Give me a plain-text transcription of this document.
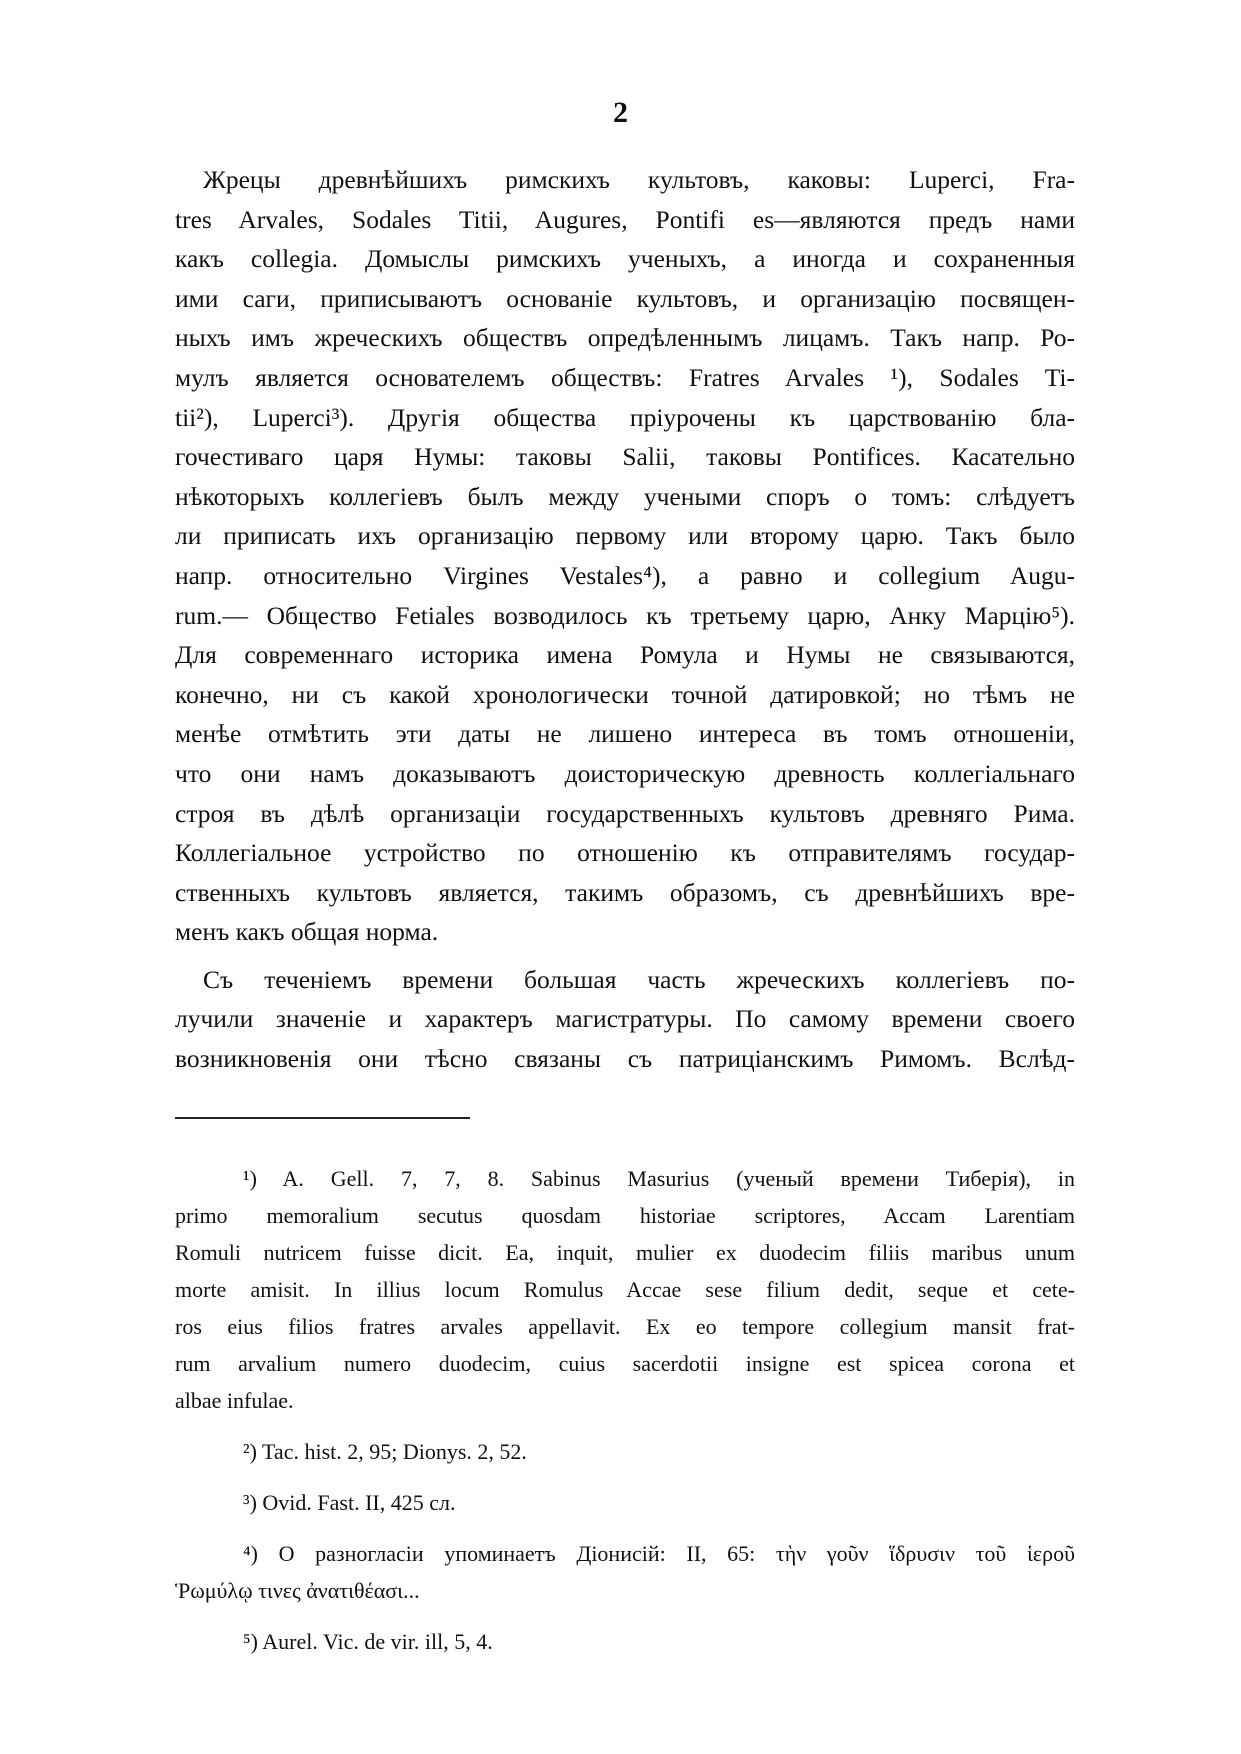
2

Жрецы древнѣйшихъ римскихъ культовъ, каковы: Luperci, Fra-
tres Arvales, Sodales Titii, Augures, Pontifi es—являются предъ нами
какъ collegia. Домыслы римскихъ ученыхъ, а иногда и сохраненныя
ими саги, приписываютъ основаніе культовъ, и организацію посвящен-
ныхъ имъ жреческихъ обществъ опредѣленнымъ лицамъ. Такъ напр. Ро-
мулъ является основателемъ обществъ: Fratres Arvales ¹), Sodales Ti-
tii²), Luperci³). Другія общества пріурочены къ царствованію бла-
гочестиваго царя Нумы: таковы Salii, таковы Pontifices. Касательно
нѣкоторыхъ коллегіевъ былъ между учеными споръ о томъ: слѣдуетъ
ли приписать ихъ организацію первому или второму царю. Такъ было
напр. относительно Virgines Vestales⁴), а равно и collegium Augu-
rum.— Общество Fetiales возводилось къ третьему царю, Анку Марцію⁵).
Для современнаго историка имена Ромула и Нумы не связываются,
конечно, ни съ какой хронологически точной датировкой; но тѣмъ не
менѣе отмѣтить эти даты не лишено интереса въ томъ отношеніи,
что они намъ доказываютъ доисторическую древность коллегіальнаго
строя въ дѣлѣ организаціи государственныхъ культовъ древняго Рима.
Коллегіальное устройство по отношенію къ отправителямъ государ-
ственныхъ культовъ является, такимъ образомъ, съ древнѣйшихъ вре-
менъ какъ общая норма.

Съ теченіемъ времени большая часть жреческихъ коллегіевъ по-
лучили значеніе и характеръ магистратуры. По самому времени своего
возникновенія они тѣсно связаны съ патриціанскимъ Римомъ. Вслѣд-

¹) A. Gell. 7, 7, 8. Sabinus Masurius (ученый времени Тиберія), in
primo memoralium secutus quosdam historiae scriptores, Accam Larentiam
Romuli nutricem fuisse dicit. Ea, inquit, mulier ex duodecim filiis maribus unum
morte amisit. In illius locum Romulus Accae sese filium dedit, seque et cete-
ros eius filios fratres arvales appellavit. Ex eo tempore collegium mansit frat-
rum arvalium numero duodecim, cuius sacerdotii insigne est spicea corona et
albae infulae.
²) Tac. hist. 2, 95; Dionys. 2, 52.
³) Ovid. Fast. II, 425 сл.
⁴) О разногласіи упоминаетъ Діонисій: II, 65: τὴν γοῦν ἵδρυσιν τοῦ ἱεροῦ
Ῥωμύλῳ τινες ἀνατιθέασι...
⁵) Aurel. Vic. de vir. ill, 5, 4.
